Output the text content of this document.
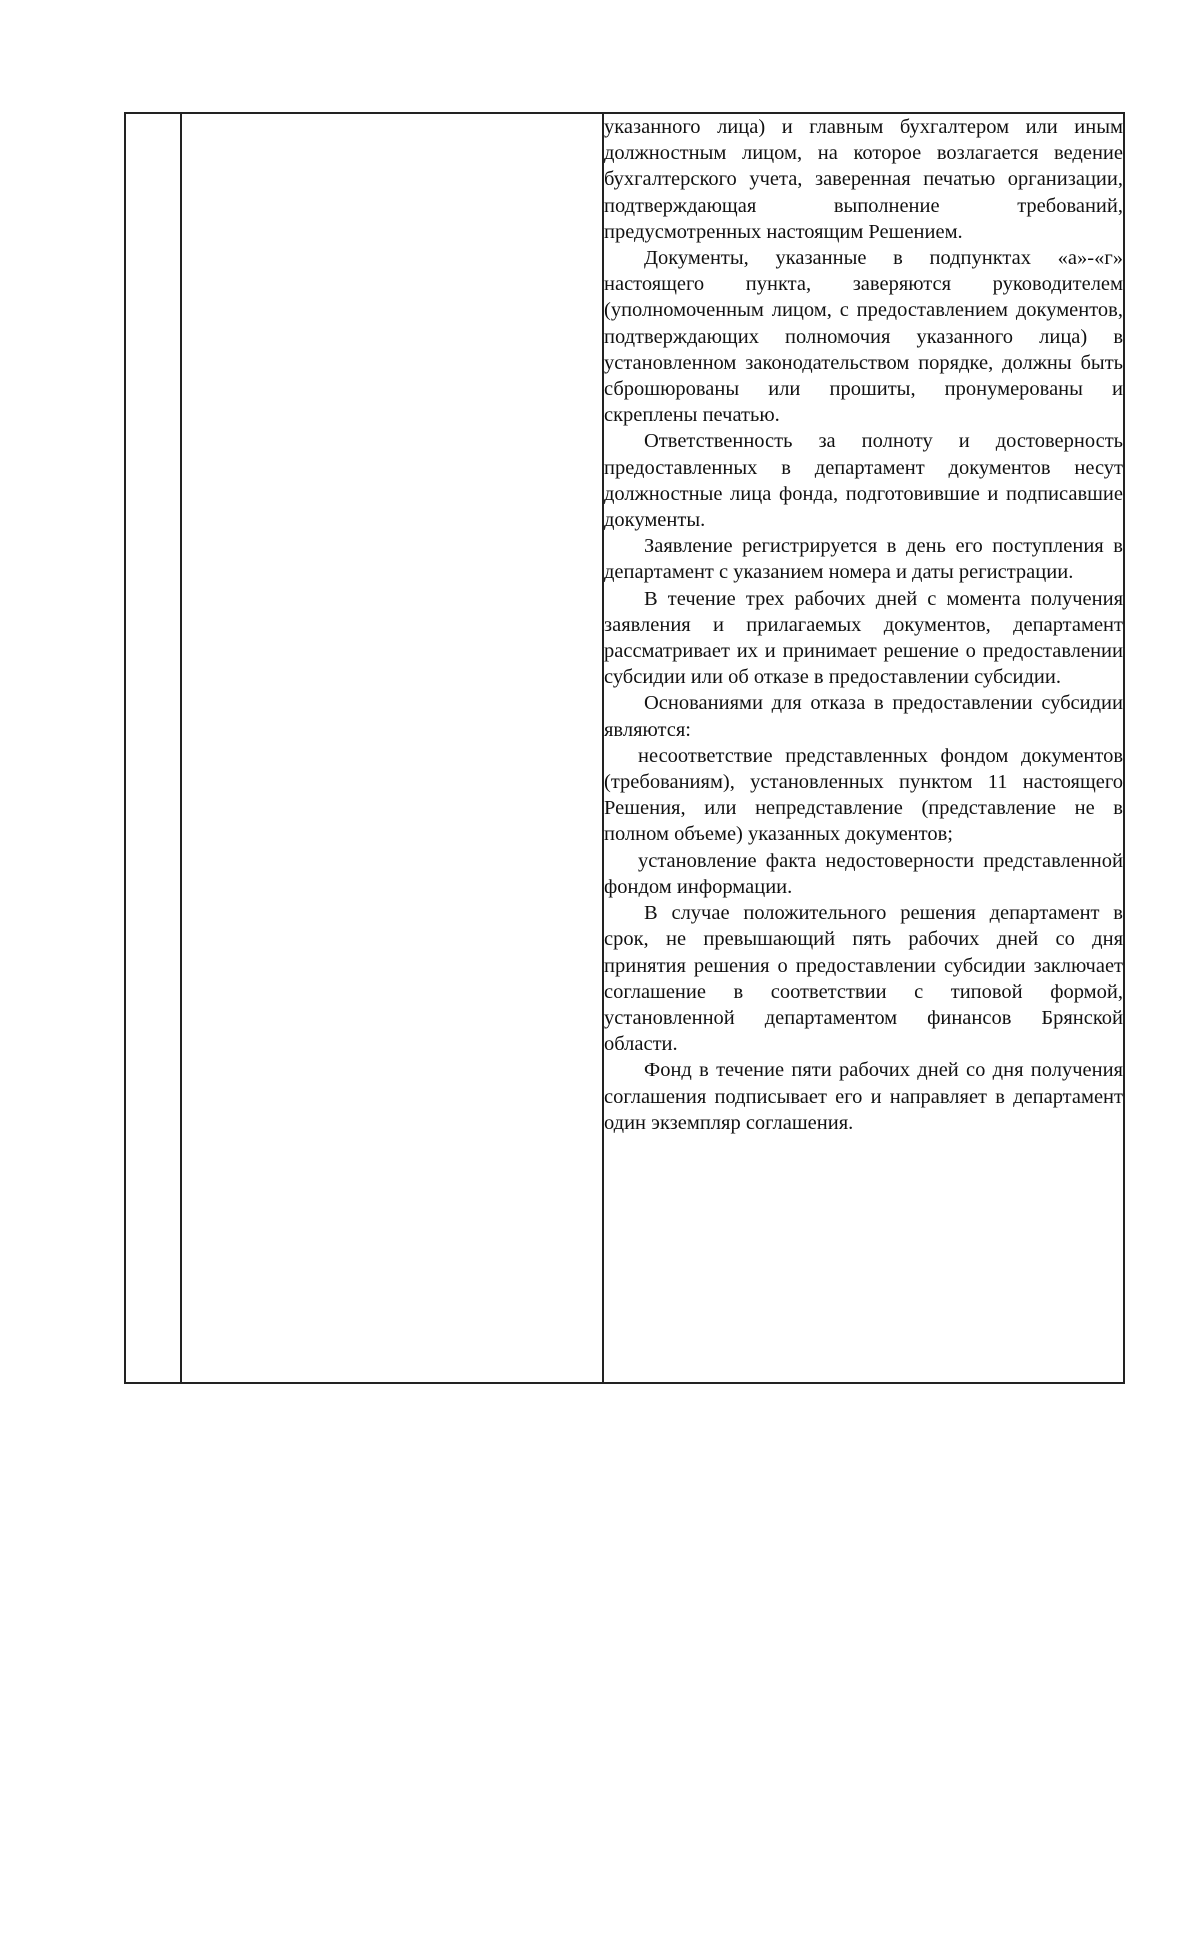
указанного лица) и главным бухгалтером или иным должностным лицом, на которое возлагается ведение бухгалтерского учета, заверенная печатью организации, подтверждающая выполнение требований, предусмотренных настоящим Решением.

Документы, указанные в подпунктах «а»-«г» настоящего пункта, заверяются руководителем (уполномоченным лицом, с предоставлением документов, подтверждающих полномочия указанного лица) в установленном законодательством порядке, должны быть сброшюрованы или прошиты, пронумерованы и скреплены печатью.

Ответственность за полноту и достоверность предоставленных в департамент документов несут должностные лица фонда, подготовившие и подписавшие документы.

Заявление регистрируется в день его поступления в департамент с указанием номера и даты регистрации.

В течение трех рабочих дней с момента получения заявления и прилагаемых документов, департамент рассматривает их и принимает решение о предоставлении субсидии или об отказе в предоставлении субсидии.

Основаниями для отказа в предоставлении субсидии являются:

несоответствие представленных фондом документов (требованиям), установленных пунктом 11 настоящего Решения, или непредставление (представление не в полном объеме) указанных документов;

установление факта недостоверности представленной фондом информации.

В случае положительного решения департамент в срок, не превышающий пять рабочих дней со дня принятия решения о предоставлении субсидии заключает соглашение в соответствии с типовой формой, установленной департаментом финансов Брянской области.

Фонд в течение пяти рабочих дней со дня получения соглашения подписывает его и направляет в департамент один экземпляр соглашения.
